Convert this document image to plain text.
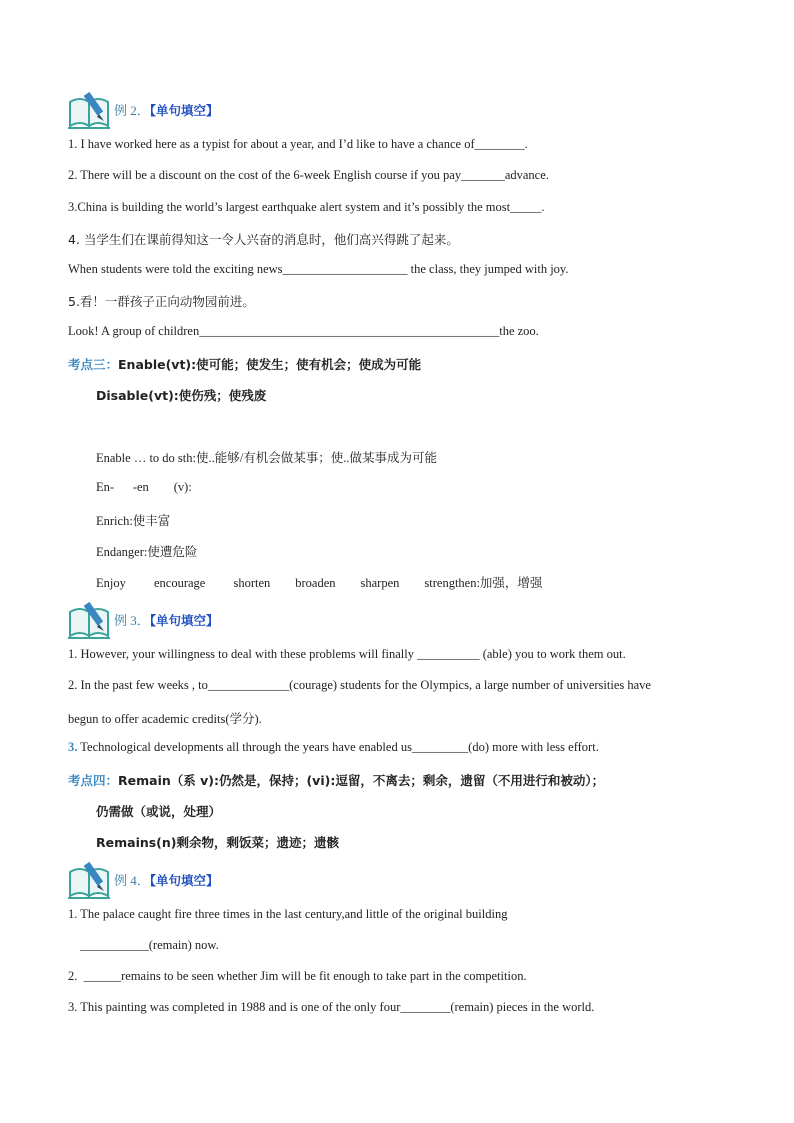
例 2．【单句填空】
1. I have worked here as a typist for about a year, and I’d like to have a chance of________.
2. There will be a discount on the cost of the 6-week English course if you pay_______advance.
3.China is building the world’s largest earthquake alert system and it’s possibly the most_____.
4. 当学生们在课前得知这一令人兴奋的消息时，他们高兴得跳了起来。
When students were told the exciting news____________________ the class, they jumped with joy.
5.看！一群孩子正向动物园前进。
Look! A group of children________________________________________________the zoo.
考点三：Enable(vt):使可能；使发生；使有机会；使成为可能
Disable(vt):使伤残；使残废
Enable … to do sth:使..能够/有机会做某事；使..做某事成为可能
En-      -en        (v):
Enrich:使丰富
Endanger:使遭危险
Enjoy         encourage         shorten        broaden        sharpen        strengthen:加强，增强
例 3．【单句填空】
1. However, your willingness to deal with these problems will finally __________ (able) you to work them out.
2. In the past few weeks , to_____________(courage) students for the Olympics, a large number of universities have
begun to offer academic credits(学分).
3. Technological developments all through the years have enabled us_________(do) more with less effort.
考点四：Remain（系 v):仍然是，保持；(vi):逗留，不离去；剩余，遗留（不用进行和被动）；
仍需做（或说，处理）
Remains(n)剩余物，剩饭菜；遗迹；遗骸
例 4．【单句填空】
1. The palace caught fire three times in the last century,and little of the original building
___________(remain) now.
2.  ______remains to be seen whether Jim will be fit enough to take part in the competition.
3. This painting was completed in 1988 and is one of the only four________(remain) pieces in the world.
